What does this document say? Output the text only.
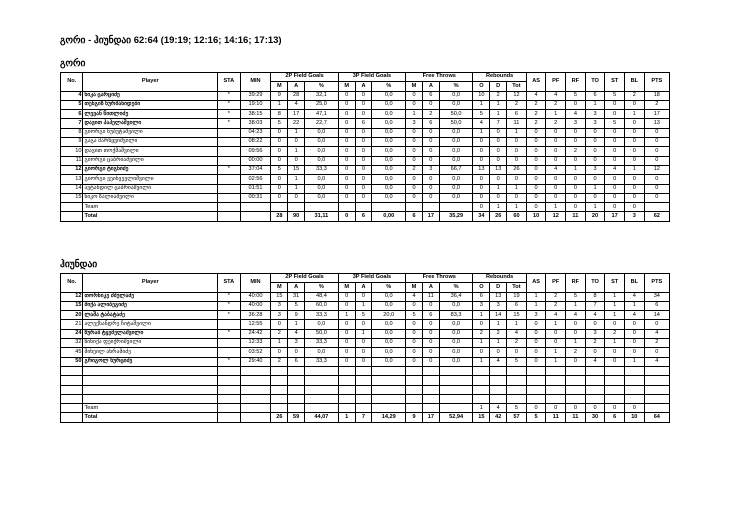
გორი - ჰიუნდაი 62:64 (19:19; 12:16; 14:16; 17:13)
გორი
No.	Player	STA	MIN	2P Field Goals			3P Field Goals			Free Throws			Rebounds			AS	PF	RF	TO	ST	BL	PTS
				M	A	%	M	A	%	M	A	%	O	D	Tot							
4	ნიკა ცარციძე	*	39:29	9	28	32,1	0	0	0,0	0	6	0,0	10	2	12	4	4	5	6	5	2	18
5	თენგიზ ხურმანიდები	*	19:10	1	4	25,0	0	0	0,0	0	0	0,0	1	1	2	2	2	0	1	0	0	2
6	ლევან წითლიძე	*	38:15	8	17	47,1	0	0	0,0	1	2	50,0	5	1	6	2	1	4	3	0	1	17
7	დავით პაპელაშვილი	*	38:03	5	22	22,7	0	6	0,0	3	6	50,0	4	7	11	2	2	3	3	5	0	13
8	გიორგი ხუბუტაშვილი		04:23	0	1	0,0	0	0	0,0	0	0	0,0	1	0	1	0	0	0	0	0	0	0
9	გაგა მარწყვიშვილი		08:22	0	0	0,0	0	0	0,0	0	0	0,0	0	0	0	0	0	0	0	0	0	0
10	დავით თოქმაშვილი		09:56	0	1	0,0	0	0	0,0	0	0	0,0	0	0	0	0	0	2	0	0	0	0
11	გიორგი ცაბრიაშვილი		00:00	0	0	0,0	0	0	0,0	0	0	0,0	0	0	0	0	0	0	0	0	0	0
12	გიორგი ტიგნიძე	*	37:04	5	15	33,3	0	0	0,0	2	3	66,7	13	13	26	0	4	1	3	4	1	12
13	გიორგი ვეიხვევლიშვილი		02:56	0	1	0,0	0	0	0,0	0	0	0,0	0	0	0	0	0	0	0	0	0	0
14	ავტანდილ ცაბრიაშვილი		01:51	0	1	0,0	0	0	0,0	0	0	0,0	0	1	1	0	0	0	1	0	0	0
15	ნიკო ზალიაშვილი		00:31	0	0	0,0	0	0	0,0	0	0	0,0	0	0	0	0	0	0	0	0	0	0
	Team												0	1	1	0	1	0	1	0	0	
	Total			28	90	31,11	0	6	0,00	6	17	35,29	34	26	60	10	12	11	20	17	3	62
ჰიუნდაი
No.	Player	STA	MIN	2P Field Goals			3P Field Goals			Free Throws			Rebounds			AS	PF	RF	TO	ST	BL	PTS
				M	A	%	M	A	%	M	A	%	O	D	Tot							
12	თორნიკე ძბულაძე	*	40:00	15	31	48,4	0	0	0,0	4	11	36,4	6	13	19	1	2	5	8	1	4	34
15	მიქა ალიბეგიძე	*	40:00	3	5	60,0	0	1	0,0	0	0	0,0	3	3	6	1	2	1	7	1	1	6
20	ლაშა ტაბატაძე	*	36:28	3	9	33,3	1	5	20,0	5	6	83,3	1	14	15	3	4	4	4	1	4	14
21	ალექსანდრე ჩიტაშვილი		12:55	0	1	0,0	0	0	0,0	0	0	0,0	0	1	1	0	1	0	0	0	0	0
24	ზურაბ ტყემელაშვილი	*	24:42	2	4	50,0	0	1	0,0	0	0	0,0	2	2	4	0	0	0	3	2	0	4
32	ზინიქა ფეიქრიშვილი		12:33	1	3	33,3	0	0	0,0	0	0	0,0	1	1	2	0	0	1	2	1	0	2
45	მიხეილ ახრამიძე		03:52	0	0	0,0	0	0	0,0	0	0	0,0	0	0	0	0	1	2	0	0	0	0
50	გრიგოლ ხურციძე	*	29:40	2	6	33,3	0	0	0,0	0	0	0,0	1	4	5	0	1	0	4	0	1	4

	Team												1	4	5	0	0	0	0	0	0	
	Total			26	59	44,07	1	7	14,29	9	17	52,94	15	42	57	5	11	11	30	6	10	64
